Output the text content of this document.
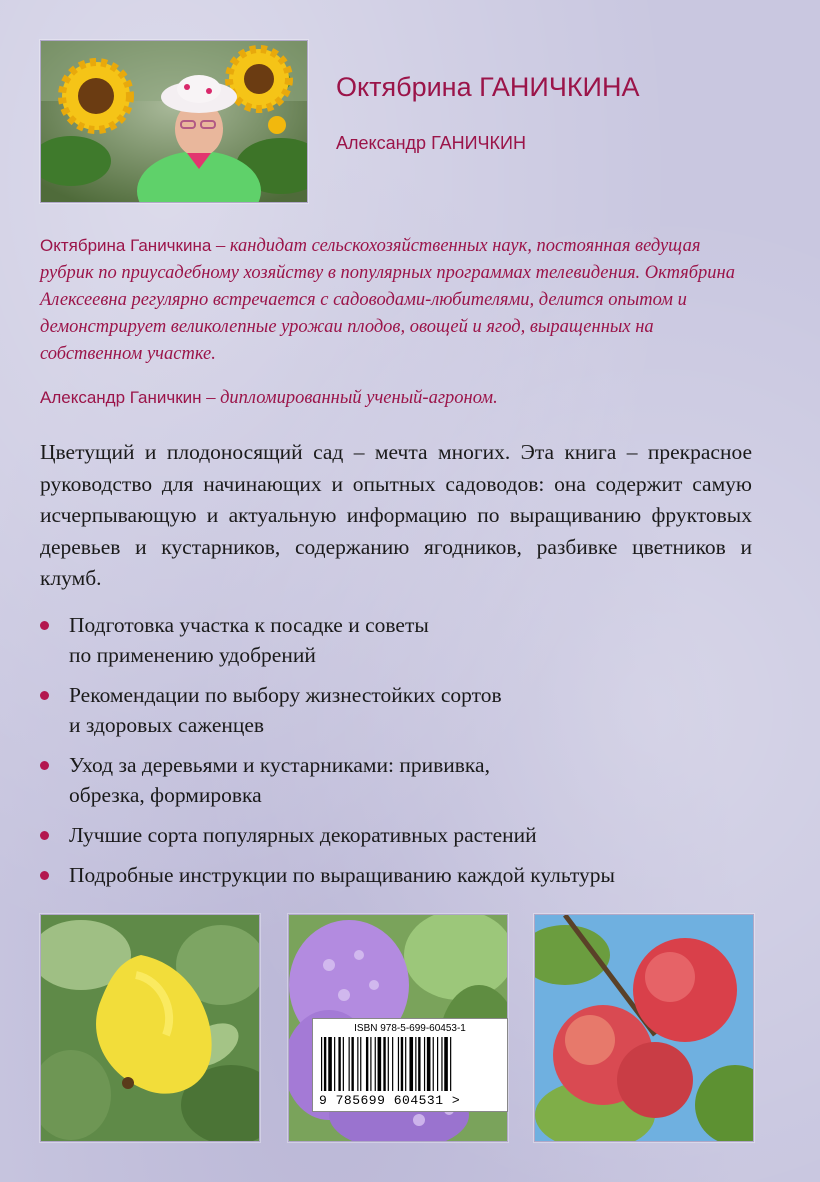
Октябрина ГАНИЧКИНА
Александр ГАНИЧКИН
Октябрина Ганичкина – кандидат сельскохозяйственных наук, постоянная ведущая рубрик по приусадебному хозяйству в популярных программах телевидения. Октябрина Алексеевна регулярно встречается с садоводами-любителями, делится опытом и демонстрирует великолепные урожаи плодов, овощей и ягод, выращенных на собственном участке.
Александр Ганичкин – дипломированный ученый-агроном.
Цветущий и плодоносящий сад – мечта многих. Эта книга – прекрасное руководство для начинающих и опытных садоводов: она содержит самую исчерпывающую и актуальную информацию по выращиванию фруктовых деревьев и кустарников, содержанию ягодников, разбивке цветников и клумб.
Подготовка участка к посадке и советы
по применению удобрений
Рекомендации по выбору жизнестойких сортов
и здоровых саженцев
Уход за деревьями и кустарниками: прививка,
обрезка, формировка
Лучшие сорта популярных декоративных растений
Подробные инструкции по выращиванию каждой культуры
ISBN 978-5-699-60453-1
9 785699 604531 >
